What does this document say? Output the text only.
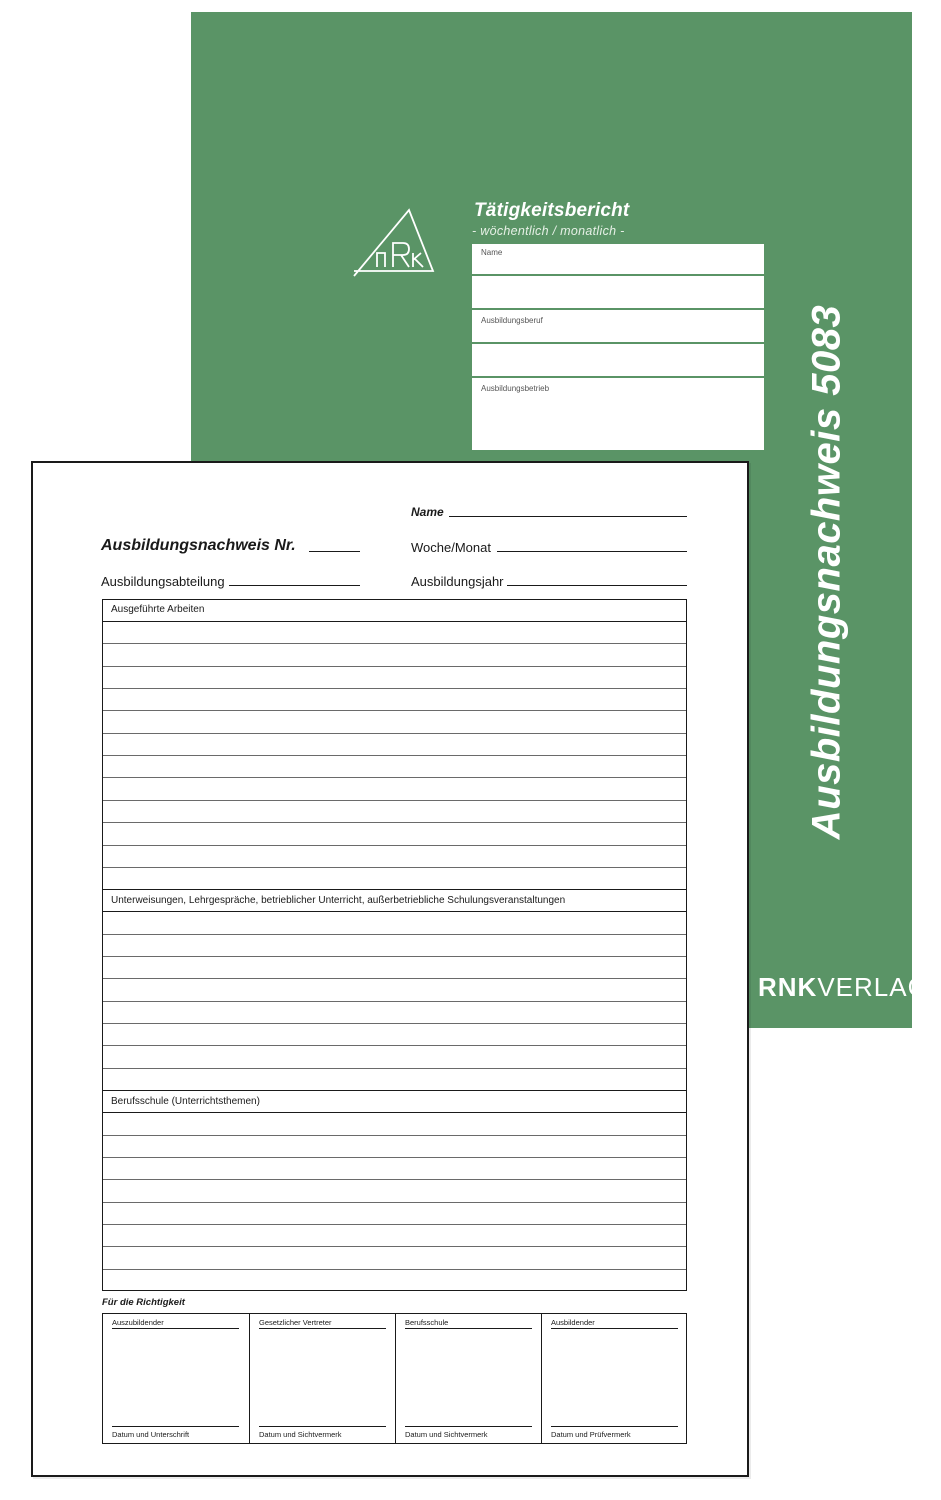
Tätigkeitsbericht
- wöchentlich / monatlich -
Name
Ausbildungsberuf
Ausbildungsbetrieb	Ausbildungsnachweis 5083
RNKVERLAG
Name
Ausbildungsnachweis Nr.	Woche/Monat
Ausbildungsabteilung	Ausbildungsjahr
Ausgeführte Arbeiten
Unterweisungen, Lehrgespräche, betrieblicher Unterricht, außerbetriebliche Schulungsveranstaltungen
Berufsschule (Unterrichtsthemen)
Für die Richtigkeit
Auszubildender
Datum und Unterschrift
Gesetzlicher Vertreter
Datum und Sichtvermerk
Berufsschule
Datum und Sichtvermerk
Ausbildender
Datum und Prüfvermerk
